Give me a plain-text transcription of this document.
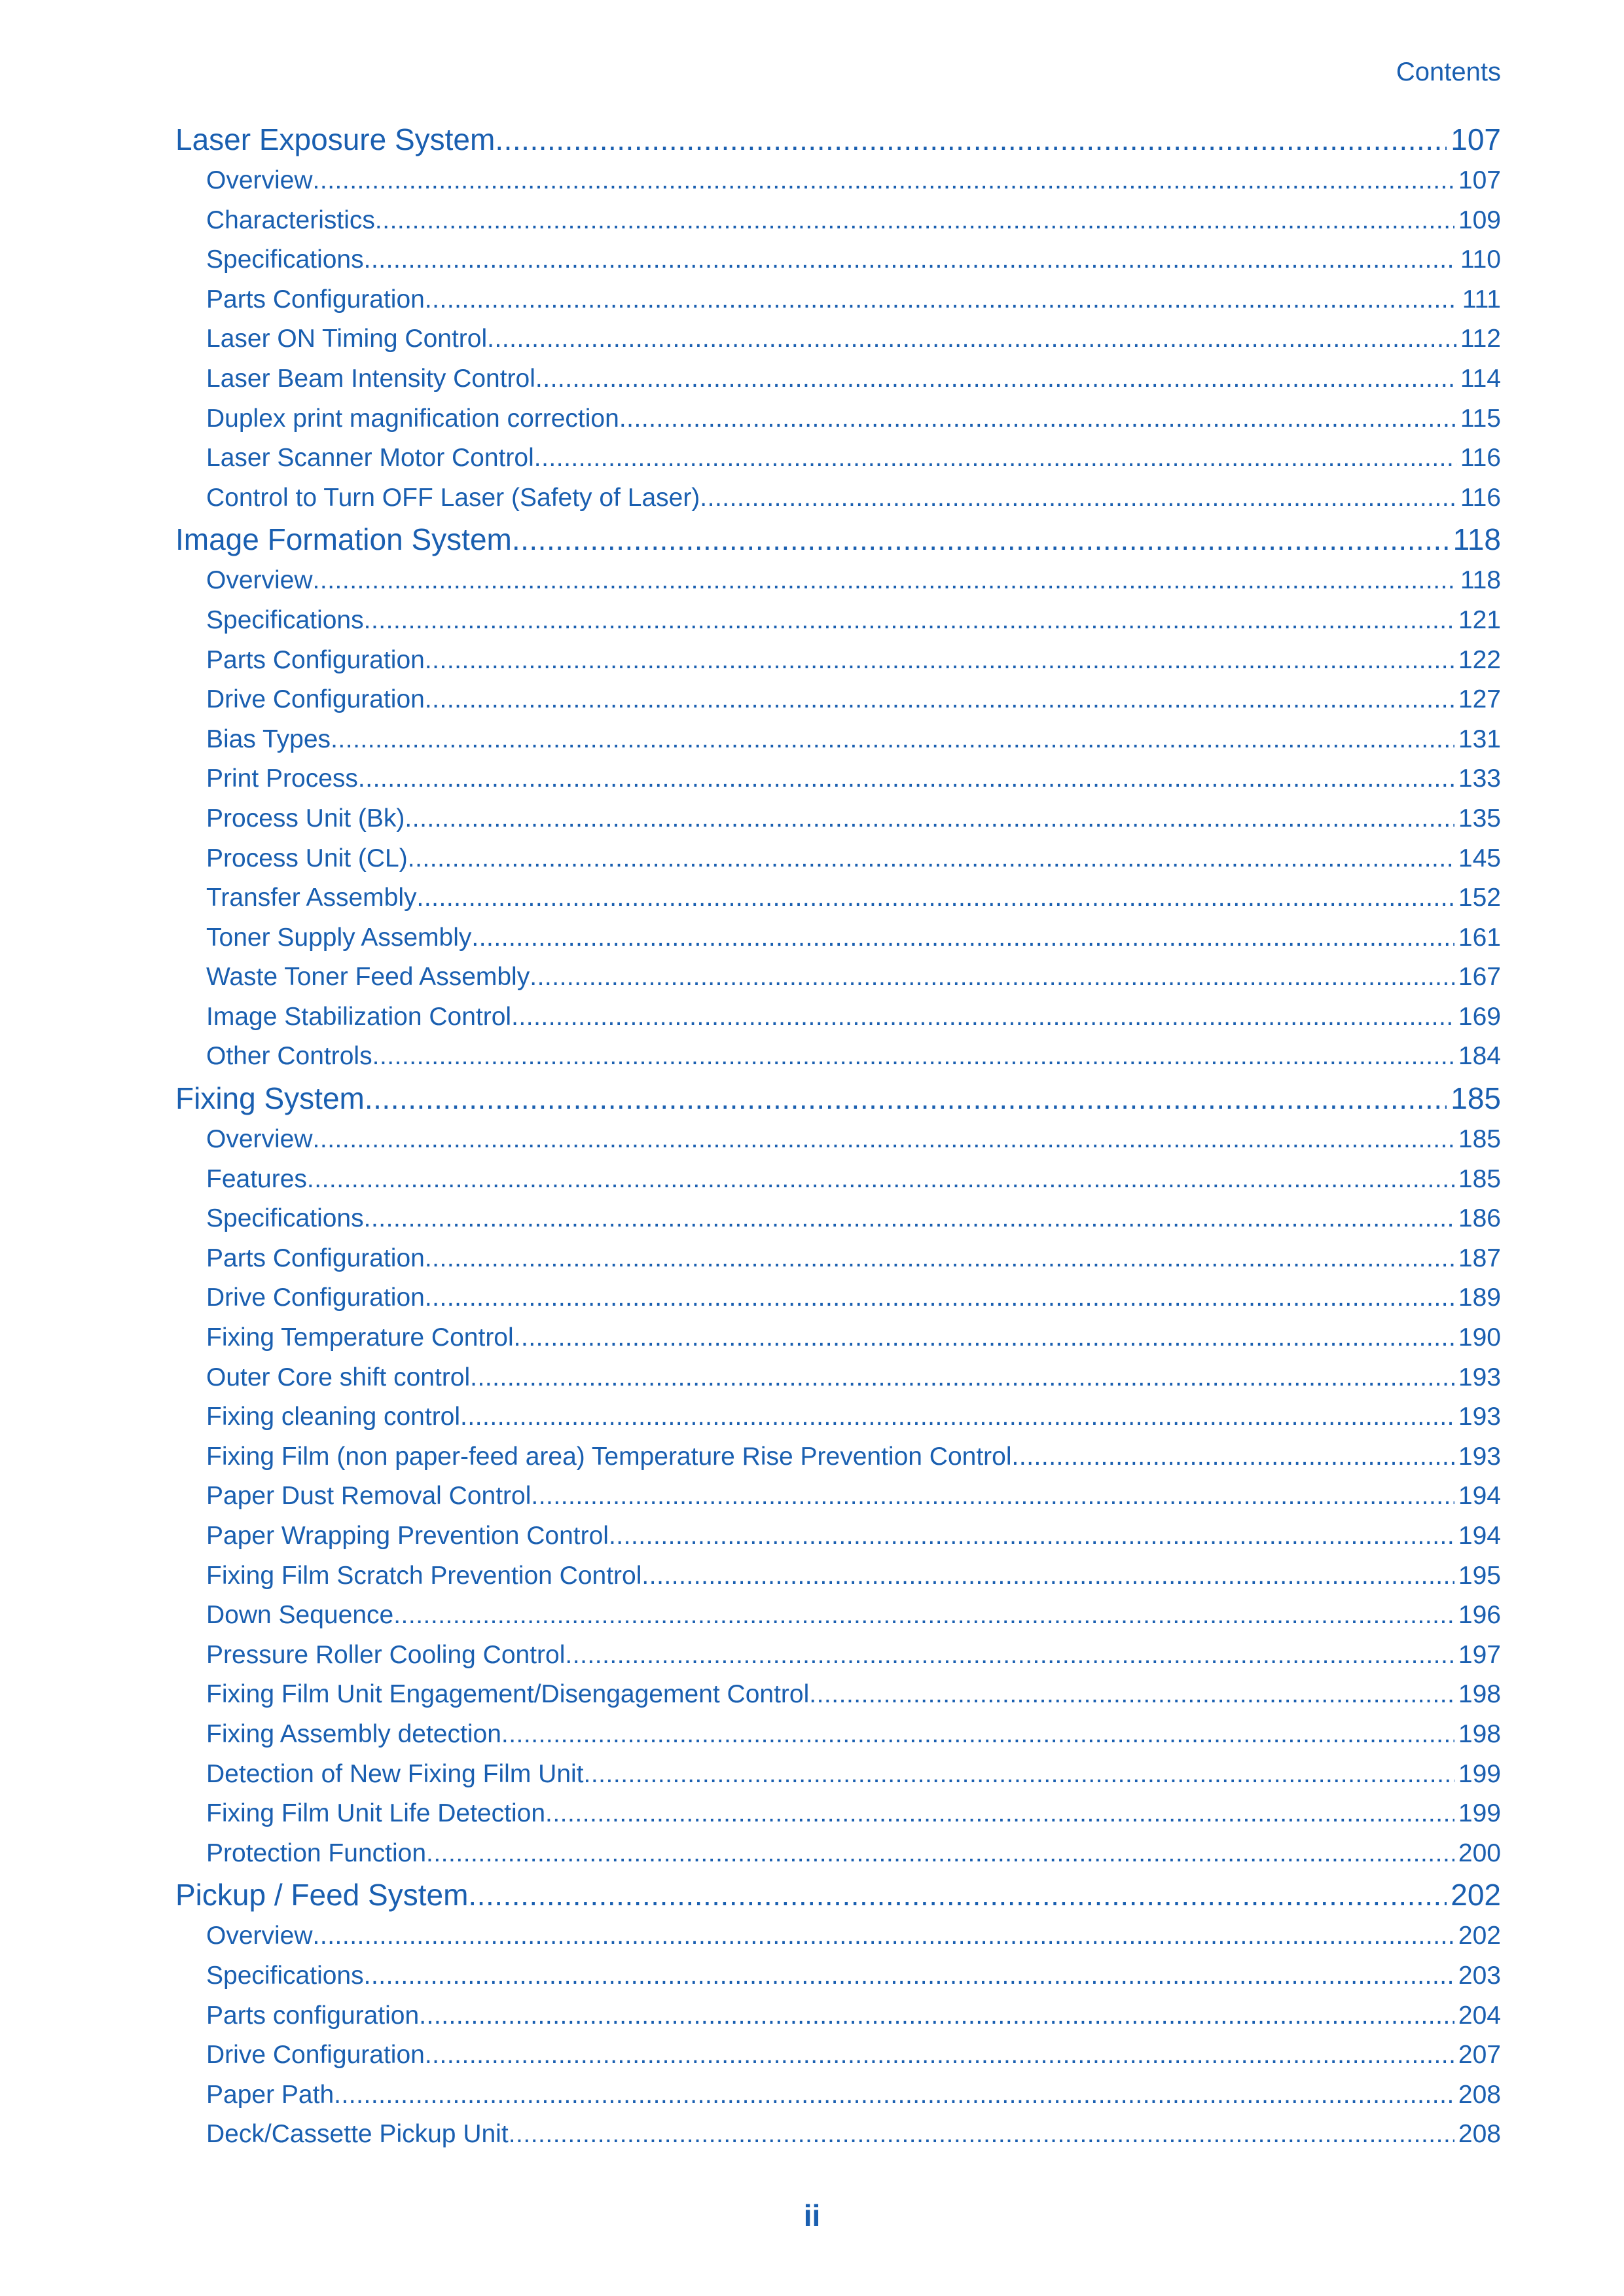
Contents
Laser Exposure System .....	107
Overview .....	107
Characteristics .....	109
Specifications .....	110
Parts Configuration .....	111
Laser ON Timing Control .....	112
Laser Beam Intensity Control .....	114
Duplex print magnification correction .....	115
Laser Scanner Motor Control .....	116
Control to Turn OFF Laser (Safety of Laser) .....	116
Image Formation System .....	118
Overview .....	118
Specifications .....	121
Parts Configuration .....	122
Drive Configuration .....	127
Bias Types .....	131
Print Process .....	133
Process Unit (Bk) .....	135
Process Unit (CL) .....	145
Transfer Assembly .....	152
Toner Supply Assembly .....	161
Waste Toner Feed Assembly .....	167
Image Stabilization Control .....	169
Other Controls .....	184
Fixing System .....	185
Overview .....	185
Features .....	185
Specifications .....	186
Parts Configuration .....	187
Drive Configuration .....	189
Fixing Temperature Control .....	190
Outer Core shift control .....	193
Fixing cleaning control .....	193
Fixing Film (non paper-feed area) Temperature Rise Prevention Control .....	193
Paper Dust Removal Control .....	194
Paper Wrapping Prevention Control .....	194
Fixing Film Scratch Prevention Control .....	195
Down Sequence .....	196
Pressure Roller Cooling Control .....	197
Fixing Film Unit Engagement/Disengagement Control .....	198
Fixing Assembly detection .....	198
Detection of New Fixing Film Unit .....	199
Fixing Film Unit Life Detection .....	199
Protection Function .....	200
Pickup / Feed System .....	202
Overview .....	202
Specifications .....	203
Parts configuration .....	204
Drive Configuration .....	207
Paper Path .....	208
Deck/Cassette Pickup Unit .....	208
ii
